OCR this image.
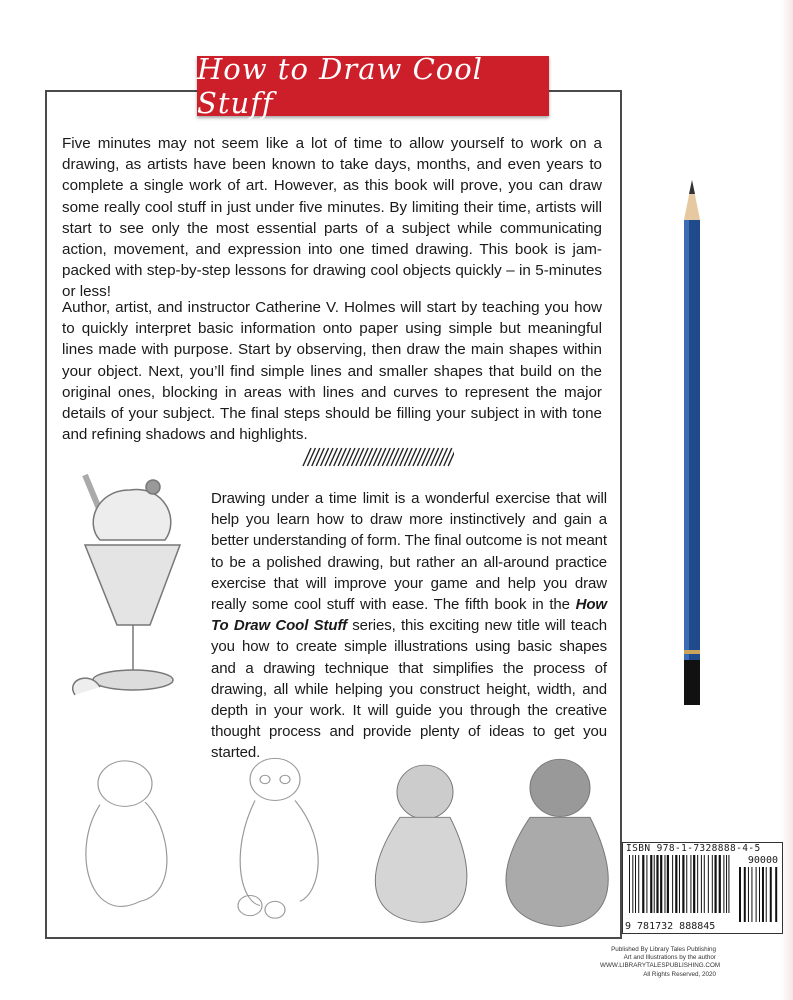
How to Draw Cool Stuff

Five minutes may not seem like a lot of time to allow yourself to work on a drawing, as artists have been known to take days, months, and even years to complete a single work of art. However, as this book will prove, you can draw some really cool stuff in just under five minutes. By limiting their time, artists will start to see only the most essential parts of a subject while communicating action, movement, and expression into one timed drawing. This book is jam-packed with step-by-step lessons for drawing cool objects quickly – in 5-minutes or less!

Author, artist, and instructor Catherine V. Holmes will start by teaching you how to quickly interpret basic information onto paper using simple but meaningful lines made with purpose. Start by observing, then draw the main shapes within your object. Next, you’ll find simple lines and smaller shapes that build on the original ones, blocking in areas with lines and curves to represent the major details of your subject. The final steps should be filling your subject in with tone and refining shadows and highlights.

Drawing under a time limit is a wonderful exercise that will help you learn how to draw more instinctively and gain a better understanding of form. The final outcome is not meant to be a polished drawing, but rather an all-around practice exercise that will improve your game and help you draw really some cool stuff with ease. The fifth book in the How To Draw Cool Stuff series, this exciting new title will teach you how to create simple illustrations using basic shapes and a drawing technique that simplifies the process of drawing, all while helping you construct height, width, and depth in your work. It will guide you through the creative thought process and provide plenty of ideas to get you started.

ISBN 978-1-7328888-4-5
90000
9 781732 888845
Published By Library Tales Publishing
Art and Illustrations by the author
WWW.LIBRARYTALESPUBLISHING.COM
All Rights Reserved, 2020
